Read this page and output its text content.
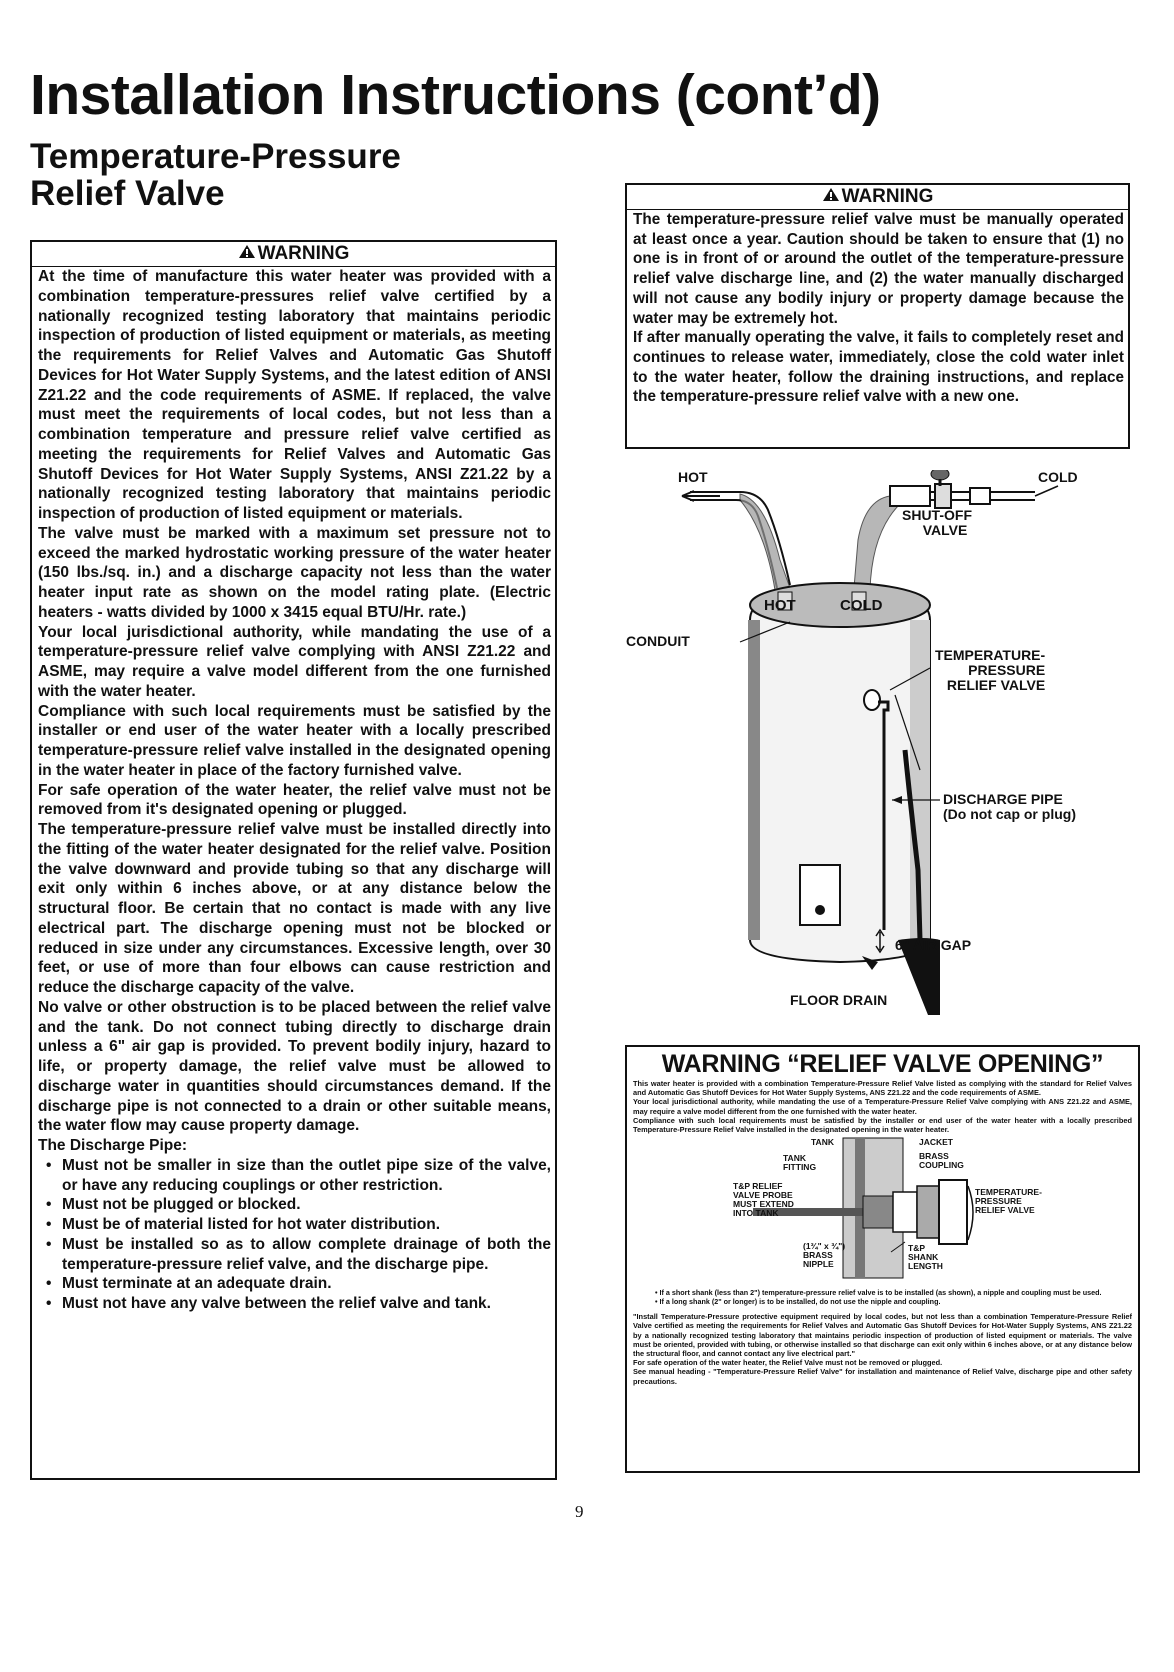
Installation Instructions (cont’d)
Temperature-Pressure
Relief Valve
WARNING

At the time of manufacture this water heater was provided with a combination temperature-pressures relief valve certified by a nationally recognized testing laboratory that maintains periodic inspection of production of listed equipment or materials, as meeting the requirements for Relief Valves and Automatic Gas Shutoff Devices for Hot Water Supply Systems, and the latest edition of ANSI Z21.22 and the code requirements of ASME. If replaced, the valve must meet the requirements of local codes, but not less than a combination temperature and pressure relief valve certified as meeting the requirements for Relief Valves and Automatic Gas Shutoff Devices for Hot Water Supply Systems, ANSI Z21.22 by a nationally recognized testing laboratory that maintains periodic inspection of production of listed equipment or materials.

The valve must be marked with a maximum set pressure not to exceed the marked hydrostatic working pressure of the water heater (150 lbs./sq. in.) and a discharge capacity not less than the water heater input rate as shown on the model rating plate. (Electric heaters - watts divided by 1000 x 3415 equal BTU/Hr. rate.)

Your local jurisdictional authority, while mandating the use of a temperature-pressure relief valve complying with ANSI Z21.22 and ASME, may require a valve model different from the one furnished with the water heater.

Compliance with such local requirements must be satisfied by the installer or end user of the water heater with a locally prescribed temperature-pressure relief valve installed in the designated opening in the water heater in place of the factory furnished valve.

For safe operation of the water heater, the relief valve must not be removed from it's designated opening or plugged.

The temperature-pressure relief valve must be installed directly into the fitting of the water heater designated for the relief valve. Position the valve downward and provide tubing so that any discharge will exit only within 6 inches above, or at any distance below the structural floor. Be certain that no contact is made with any live electrical part. The discharge opening must not be blocked or reduced in size under any circumstances. Excessive length, over 30 feet, or use of more than four elbows can cause restriction and reduce the discharge capacity of the valve.

No valve or other obstruction is to be placed between the relief valve and the tank. Do not connect tubing directly to discharge drain unless a 6" air gap is provided. To prevent bodily injury, hazard to life, or property damage, the relief valve must be allowed to discharge water in quantities should circumstances demand. If the discharge pipe is not connected to a drain or other suitable means, the water flow may cause property damage.

The Discharge Pipe:

• Must not be smaller in size than the outlet pipe size of the valve, or have any reducing couplings or other restriction.
• Must not be plugged or blocked.
• Must be of material listed for hot water distribution.
• Must be installed so as to allow complete drainage of both the temperature-pressure relief valve, and the discharge pipe.
• Must terminate at an adequate drain.
• Must not have any valve between the relief valve and tank.
WARNING

The temperature-pressure relief valve must be manually operated at least once a year. Caution should be taken to ensure that (1) no one is in front of or around the outlet of the temperature-pressure relief valve discharge line, and (2) the water manually discharged will not cause any bodily injury or property damage because the water may be extremely hot.

If after manually operating the valve, it fails to completely reset and continues to release water, immediately, close the cold water inlet to the water heater, follow the draining instructions, and replace the temperature-pressure relief valve with a new one.

HOT	COLD
SHUT-OFF
VALVE
HOT	COLD
CONDUIT
TEMPERATURE-
PRESSURE
RELIEF VALVE
DISCHARGE PIPE
(Do not cap or plug)
6" AIR GAP
FLOOR DRAIN
WARNING “RELIEF VALVE OPENING”

This water heater is provided with a combination Temperature-Pressure Relief Valve listed as complying with the standard for Relief Valves and Automatic Gas Shutoff Devices for Hot Water Supply Systems, ANS Z21.22 and the code requirements of ASME.

Your local jurisdictional authority, while mandating the use of a Temperature-Pressure Relief Valve complying with ANS Z21.22 and ASME, may require a valve model different from the one furnished with the water heater.

Compliance with such local requirements must be satisfied by the installer or end user of the water heater with a locally prescribed Temperature-Pressure Relief Valve installed in the designated opening in the water heater.

TANK	JACKET
TANK
FITTING
BRASS
COUPLING
T&P RELIEF
VALVE PROBE
MUST EXTEND
INTO TANK
TEMPERATURE-
PRESSURE
RELIEF VALVE
(1¾" x ¾")
BRASS
NIPPLE
T&P
SHANK
LENGTH

• If a short shank (less than 2") temperature-pressure relief valve is to be installed (as shown), a nipple and coupling must be used.

• If a long shank (2" or longer) is to be installed, do not use the nipple and coupling.

"Install Temperature-Pressure protective equipment required by local codes, but not less than a combination Temperature-Pressure Relief Valve certified as meeting the requirements for Relief Valves and Automatic Gas Shutoff Devices for Hot-Water Supply Systems, ANS Z21.22 by a nationally recognized testing laboratory that maintains periodic inspection of production of listed equipment or materials. The valve must be oriented, provided with tubing, or otherwise installed so that discharge can exit only within 6 inches above, or at any distance below the structural floor, and cannot contact any live electrical part."

For safe operation of the water heater, the Relief Valve must not be removed or plugged.

See manual heading - "Temperature-Pressure Relief Valve" for installation and maintenance of Relief Valve, discharge pipe and other safety precautions.

9
